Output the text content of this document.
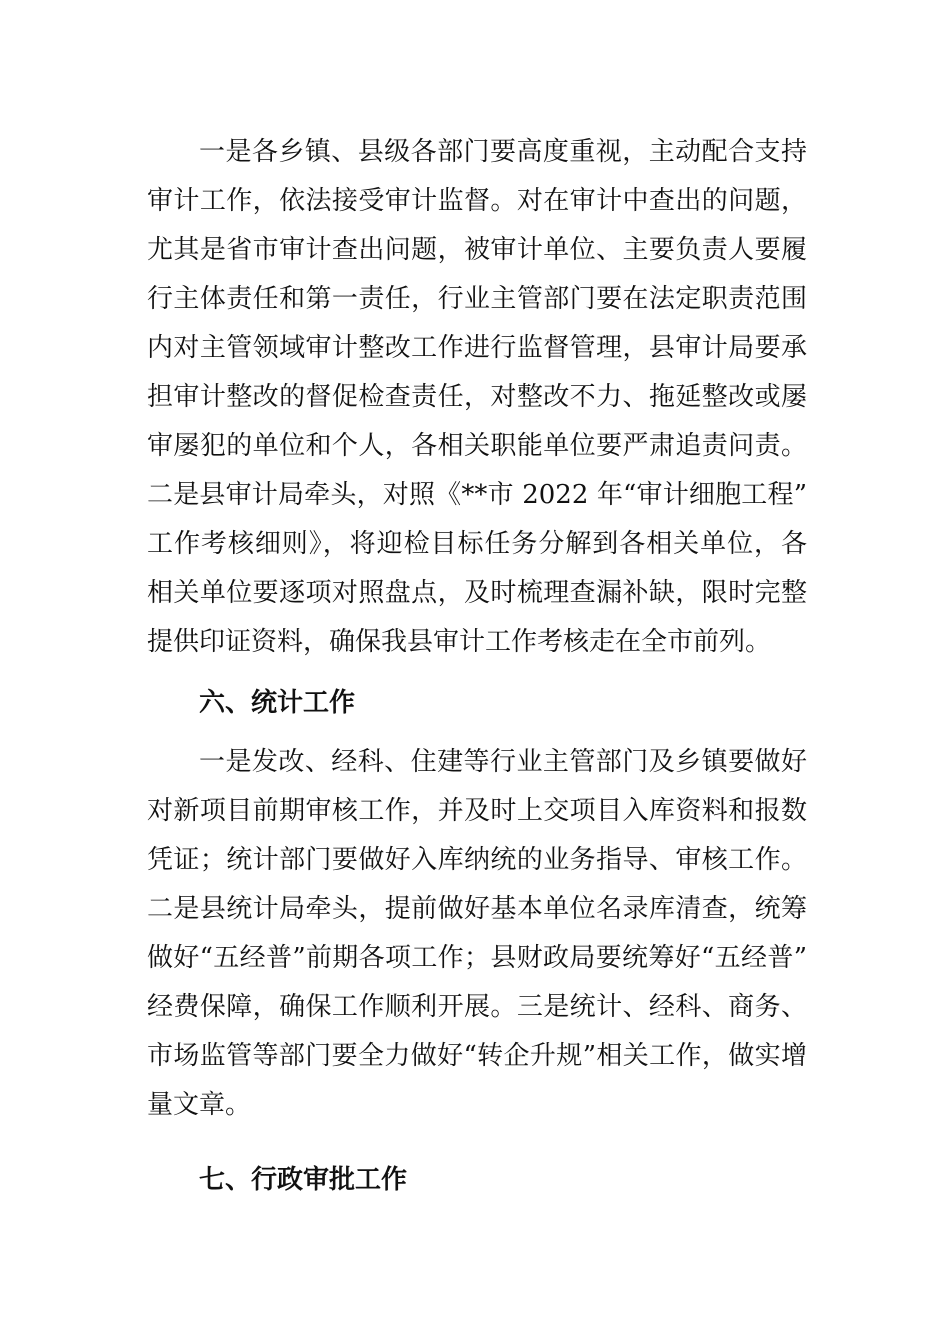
一是各乡镇、县级各部门要高度重视，主动配合支持审计工作，依法接受审计监督。对在审计中查出的问题，尤其是省市审计查出问题，被审计单位、主要负责人要履行主体责任和第一责任，行业主管部门要在法定职责范围内对主管领域审计整改工作进行监督管理，县审计局要承担审计整改的督促检查责任，对整改不力、拖延整改或屡审屡犯的单位和个人，各相关职能单位要严肃追责问责。二是县审计局牵头，对照《**市 2022 年“审计细胞工程”工作考核细则》，将迎检目标任务分解到各相关单位，各相关单位要逐项对照盘点，及时梳理查漏补缺，限时完整提供印证资料，确保我县审计工作考核走在全市前列。

六、统计工作

一是发改、经科、住建等行业主管部门及乡镇要做好对新项目前期审核工作，并及时上交项目入库资料和报数凭证；统计部门要做好入库纳统的业务指导、审核工作。二是县统计局牵头，提前做好基本单位名录库清查，统筹做好“五经普”前期各项工作；县财政局要统筹好“五经普”经费保障，确保工作顺利开展。三是统计、经科、商务、市场监管等部门要全力做好“转企升规”相关工作，做实增量文章。

七、行政审批工作
